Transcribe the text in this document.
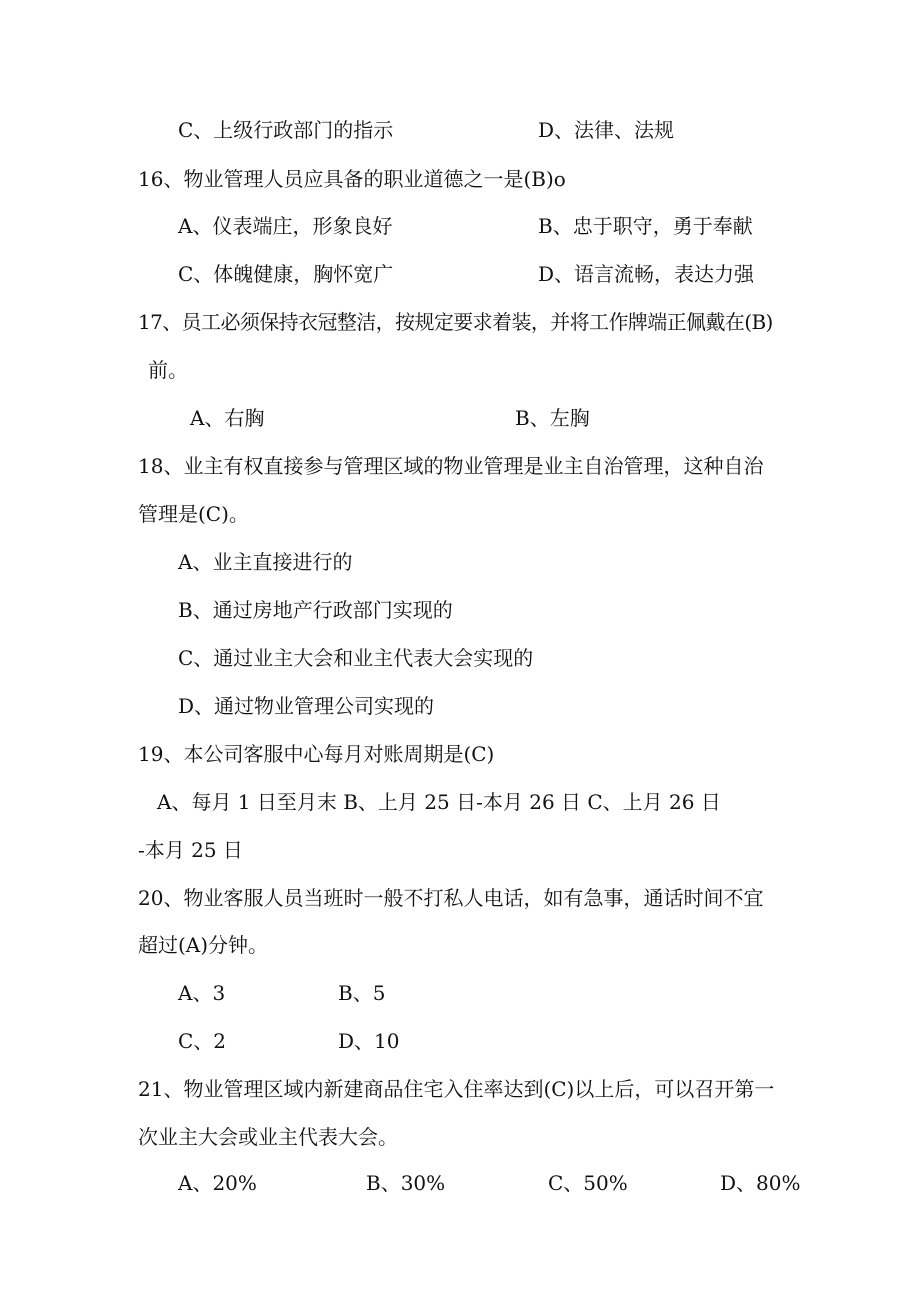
C、上级行政部门的指示	D、法律、法规
16、物业管理人员应具备的职业道德之一是(B)o
A、仪表端庄，形象良好	B、忠于职守，勇于奉献
C、体魄健康，胸怀宽广	D、语言流畅，表达力强
17、员工必须保持衣冠整洁，按规定要求着装，并将工作牌端正佩戴在(B)
前。
A、右胸	B、左胸
18、业主有权直接参与管理区域的物业管理是业主自治管理，这种自治
管理是(C)。
A、业主直接进行的
B、通过房地产行政部门实现的
C、通过业主大会和业主代表大会实现的
D、通过物业管理公司实现的
19、本公司客服中心每月对账周期是(C)
A、每月 1 日至月末 B、上月 25 日-本月 26 日 C、上月 26 日
-本月 25 日
20、物业客服人员当班时一般不打私人电话，如有急事，通话时间不宜
超过(A)分钟。
A、3	B、5
C、2	D、10
21、物业管理区域内新建商品住宅入住率达到(C)以上后，可以召开第一
次业主大会或业主代表大会。
A、20%	B、30%	C、50%	D、80%
